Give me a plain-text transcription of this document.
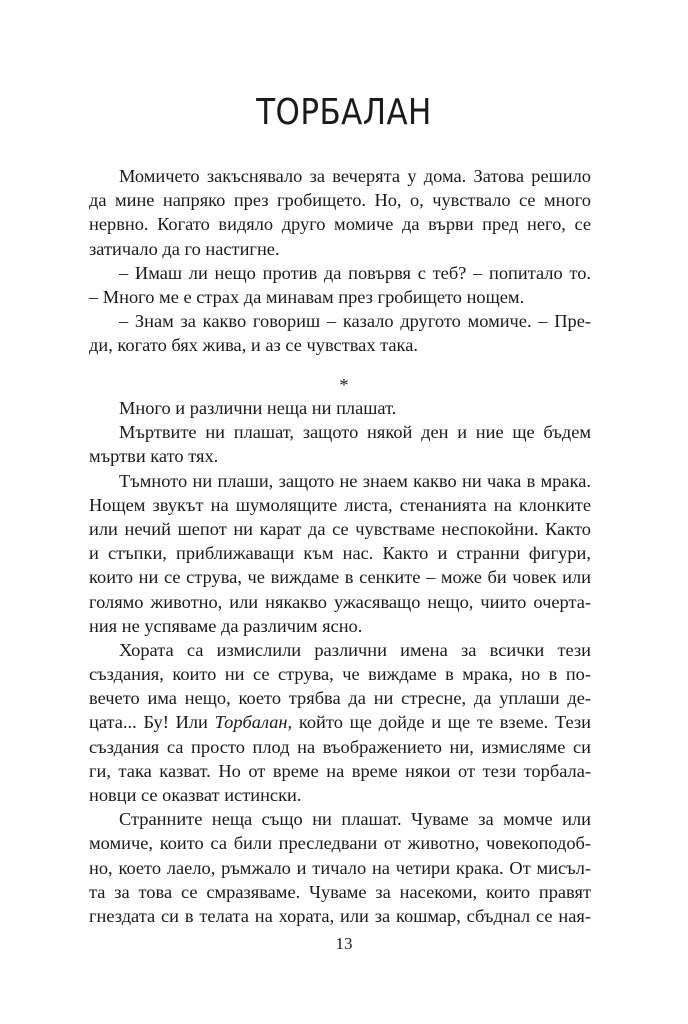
ТОРБАЛАН
Момичето закъснявало за вечерята у дома. Затова решило
да мине напряко през гробището. Но, о, чувствало се много
нервно. Когато видяло друго момиче да върви пред него, се
затичало да го настигне.
– Имаш ли нещо против да повървя с теб? – попитало то.
– Много ме е страх да минавам през гробището нощем.
– Знам за какво говориш – казало другото момиче. – Пре-
ди, когато бях жива, и аз се чувствах така.
*
Много и различни неща ни плашат.
Мъртвите ни плашат, защото някой ден и ние ще бъдем
мъртви като тях.
Тъмното ни плаши, защото не знаем какво ни чака в мрака.
Нощем звукът на шумолящите листа, стенанията на клонките
или нечий шепот ни карат да се чувстваме неспокойни. Както
и стъпки, приближаващи към нас. Както и странни фигури,
които ни се струва, че виждаме в сенките – може би човек или
голямо животно, или някакво ужасяващо нещо, чиито очерта-
ния не успяваме да различим ясно.
Хората са измислили различни имена за всички тези
създания, които ни се струва, че виждаме в мрака, но в по-
вечето има нещо, което трябва да ни стресне, да уплаши де-
цата... Бу! Или Торбалан, който ще дойде и ще те вземе. Тези
създания са просто плод на въображението ни, измисляме си
ги, така казват. Но от време на време някои от тези торбала-
новци се оказват истински.
Странните неща също ни плашат. Чуваме за момче или
момиче, които са били преследвани от животно, човекоподоб-
но, което лаело, ръмжало и тичало на четири крака. От мисъл-
та за това се смразяваме. Чуваме за насекоми, които правят
гнездата си в телата на хората, или за кошмар, сбъднал се ная-
13
